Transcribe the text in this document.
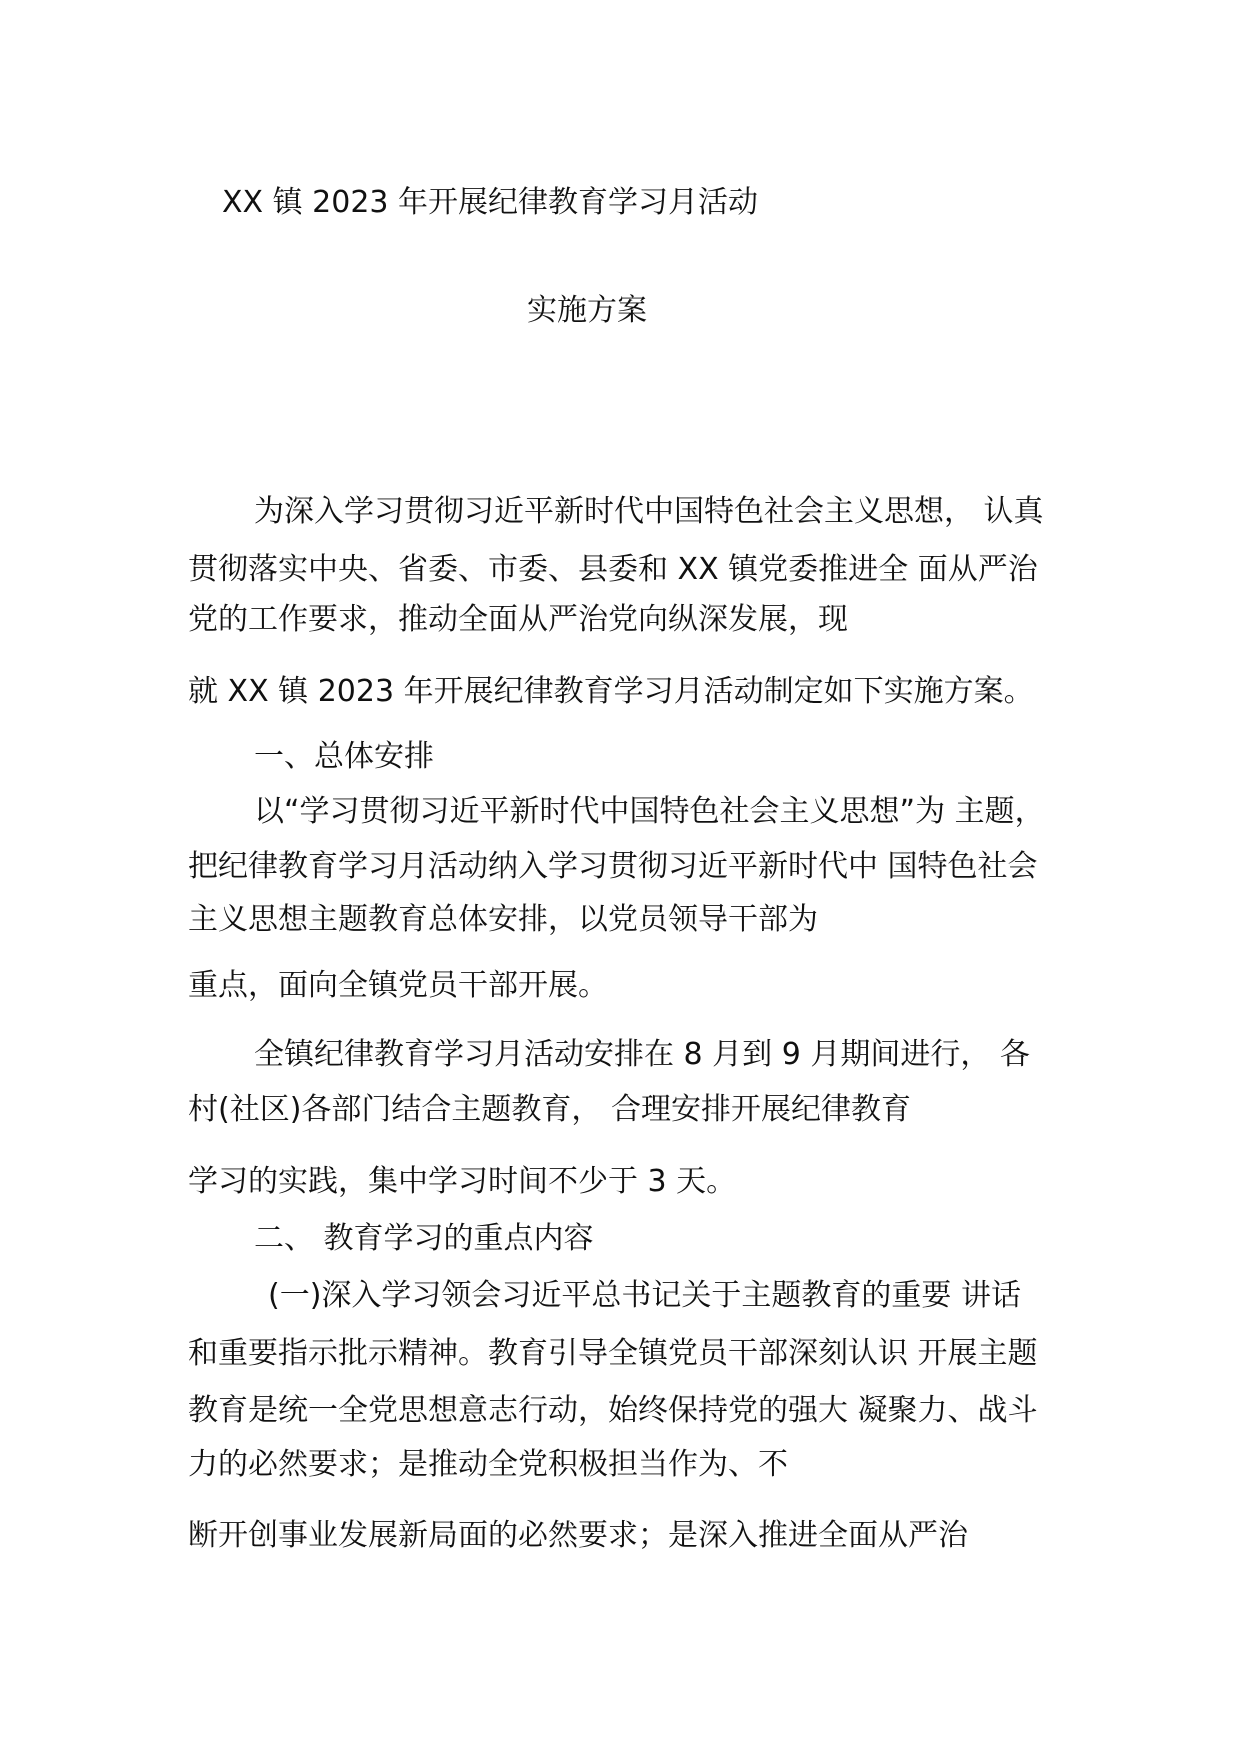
XX 镇 2023 年开展纪律教育学习月活动
实施方案
为深入学习贯彻习近平新时代中国特色社会主义思想， 认真
贯彻落实中央、省委、市委、县委和 XX 镇党委推进全 面从严治
党的工作要求，推动全面从严治党向纵深发展，现
就 XX 镇 2023 年开展纪律教育学习月活动制定如下实施方案。
一、总体安排
以“学习贯彻习近平新时代中国特色社会主义思想”为 主题，
把纪律教育学习月活动纳入学习贯彻习近平新时代中 国特色社会
主义思想主题教育总体安排，以党员领导干部为
重点，面向全镇党员干部开展。
全镇纪律教育学习月活动安排在 8 月到 9 月期间进行， 各
村(社区)各部门结合主题教育， 合理安排开展纪律教育
学习的实践，集中学习时间不少于 3 天。
二、 教育学习的重点内容
(一)深入学习领会习近平总书记关于主题教育的重要 讲话
和重要指示批示精神。教育引导全镇党员干部深刻认识 开展主题
教育是统一全党思想意志行动，始终保持党的强大 凝聚力、战斗
力的必然要求；是推动全党积极担当作为、不
断开创事业发展新局面的必然要求；是深入推进全面从严治
